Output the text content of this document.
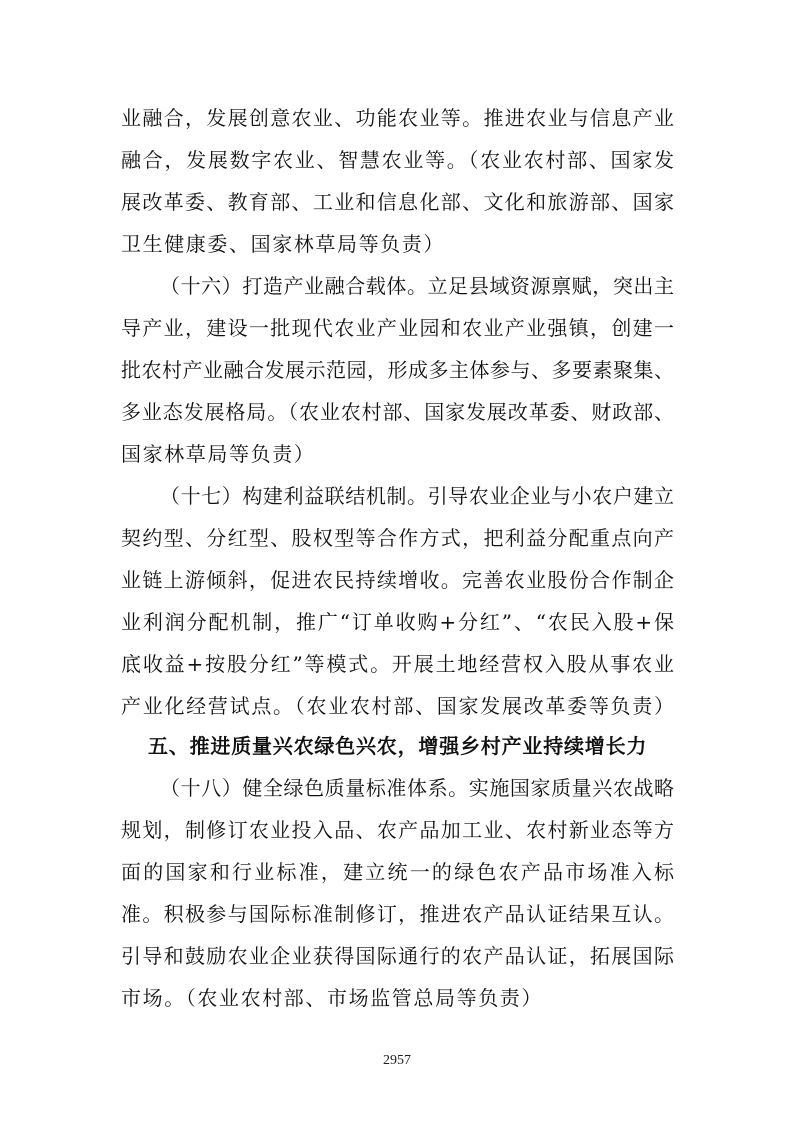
业融合，发展创意农业、功能农业等。推进农业与信息产业
融合，发展数字农业、智慧农业等。（农业农村部、国家发
展改革委、教育部、工业和信息化部、文化和旅游部、国家
卫生健康委、国家林草局等负责）
（十六）打造产业融合载体。立足县域资源禀赋，突出主
导产业，建设一批现代农业产业园和农业产业强镇，创建一
批农村产业融合发展示范园，形成多主体参与、多要素聚集、
多业态发展格局。（农业农村部、国家发展改革委、财政部、
国家林草局等负责）
（十七）构建利益联结机制。引导农业企业与小农户建立
契约型、分红型、股权型等合作方式，把利益分配重点向产
业链上游倾斜，促进农民持续增收。完善农业股份合作制企
业利润分配机制，推广“订单收购+分红”、“农民入股+保
底收益+按股分红”等模式。开展土地经营权入股从事农业
产业化经营试点。（农业农村部、国家发展改革委等负责）
五、推进质量兴农绿色兴农，增强乡村产业持续增长力
（十八）健全绿色质量标准体系。实施国家质量兴农战略
规划，制修订农业投入品、农产品加工业、农村新业态等方
面的国家和行业标准，建立统一的绿色农产品市场准入标
准。积极参与国际标准制修订，推进农产品认证结果互认。
引导和鼓励农业企业获得国际通行的农产品认证，拓展国际
市场。（农业农村部、市场监管总局等负责）
2957
